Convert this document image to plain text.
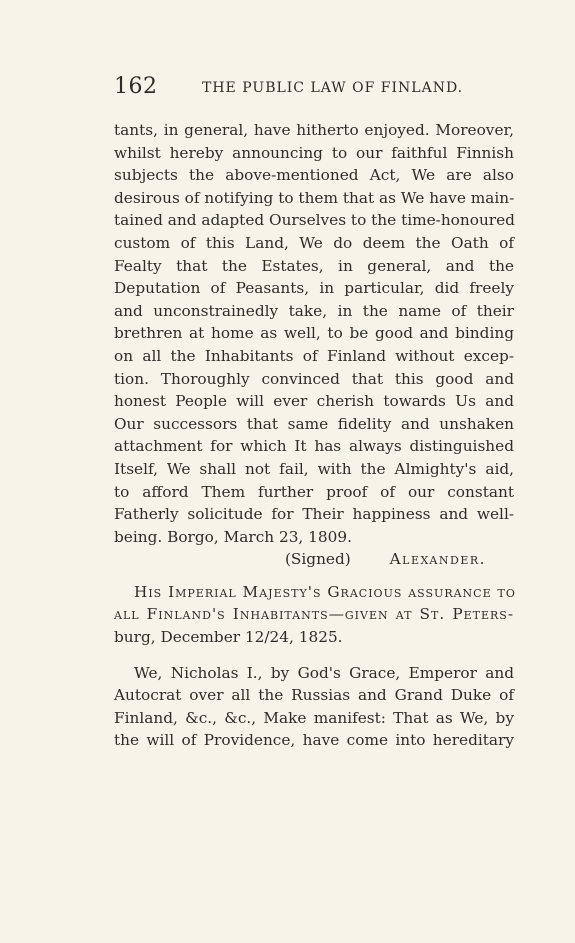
162	THE PUBLIC LAW OF FINLAND.
tants, in general, have hitherto enjoyed. Moreover,
whilst hereby announcing to our faithful Finnish
subjects the above-mentioned Act, We are also
desirous of notifying to them that as We have main-
tained and adapted Ourselves to the time-honoured
custom of this Land, We do deem the Oath of
Fealty that the Estates, in general, and the
Deputation of Peasants, in particular, did freely
and unconstrainedly take, in the name of their
brethren at home as well, to be good and binding
on all the Inhabitants of Finland without excep-
tion. Thoroughly convinced that this good and
honest People will ever cherish towards Us and
Our successors that same fidelity and unshaken
attachment for which It has always distinguished
Itself, We shall not fail, with the Almighty's aid,
to afford Them further proof of our constant
Fatherly solicitude for Their happiness and well-
being. Borgo, March 23, 1809.
(Signed)	Alexander.
His Imperial Majesty's Gracious assurance to
all Finland's Inhabitants—given at St. Peters-
burg, December 12/24, 1825.
We, Nicholas I., by God's Grace, Emperor and
Autocrat over all the Russias and Grand Duke of
Finland, &c., &c., Make manifest: That as We, by
the will of Providence, have come into hereditary
